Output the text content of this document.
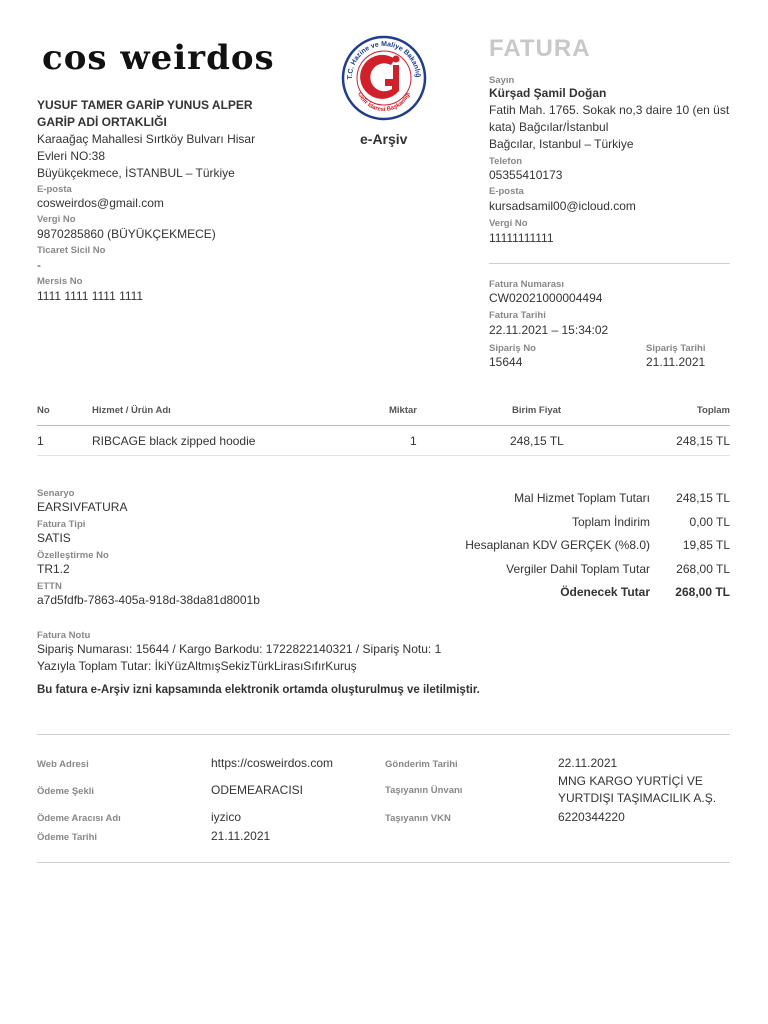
cos weirdos
YUSUF TAMER GARİP YUNUS ALPER
GARİP ADİ ORTAKLIĞI
Karaağaç Mahallesi Sırtköy Bulvarı Hisar
Evleri NO:38
Büyükçekmece, İSTANBUL – Türkiye
E-posta
cosweirdos@gmail.com
Vergi No
9870285860 (BÜYÜKÇEKMECE)
Ticaret Sicil No
-
Mersis No
1111 1111 1111 1111
T.C. Hazine ve Maliye Bakanlığ
Gelir İdaresi Başkanlığı
e-Arşiv
FATURA
Sayın
Kürşad Şamil Doğan
Fatih Mah. 1765. Sokak no,3 daire 10 (en üst
kata) Bağcılar/İstanbul
Bağcılar, Istanbul – Türkiye
Telefon
05355410173
E-posta
kursadsamil00@icloud.com
Vergi No
11111111111
Fatura Numarası
CW02021000004494
Fatura Tarihi
22.11.2021 – 15:34:02
Sipariş No
15644
Sipariş Tarihi
21.11.2021
No	Hizmet / Ürün Adı	Miktar	Birim Fiyat	Toplam
1	RIBCAGE black zipped hoodie	1	248,15 TL	248,15 TL
Senaryo
EARSIVFATURA
Fatura Tipi
SATIS
Özelleştirme No
TR1.2
ETTN
a7d5fdfb-7863-405a-918d-38da81d8001b
Mal Hizmet Toplam Tutarı 248,15 TL
Toplam İndirim	0,00 TL
Hesaplanan KDV GERÇEK (%8.0)	19,85 TL
Vergiler Dahil Toplam Tutar 268,00 TL
Ödenecek Tutar 268,00 TL
Fatura Notu
Sipariş Numarası: 15644 / Kargo Barkodu: 1722822140321 / Sipariş Notu: 1
Yazıyla Toplam Tutar: İkiYüzAltmışSekizTürkLirasıSıfırKuruş
Bu fatura e-Arşiv izni kapsamında elektronik ortamda oluşturulmuş ve iletilmiştir.
Web Adresi	https://cosweirdos.com
Ödeme Şekli	ODEMEARACISI
Ödeme Aracısı Adı	iyzico
Ödeme Tarihi	21.11.2021
Gönderim Tarihi	22.11.2021
Taşıyanın Ünvanı
MNG KARGO YURTİÇİ VE
YURTDIŞI TAŞIMACILIK A.Ş.
Taşıyanın VKN	6220344220
